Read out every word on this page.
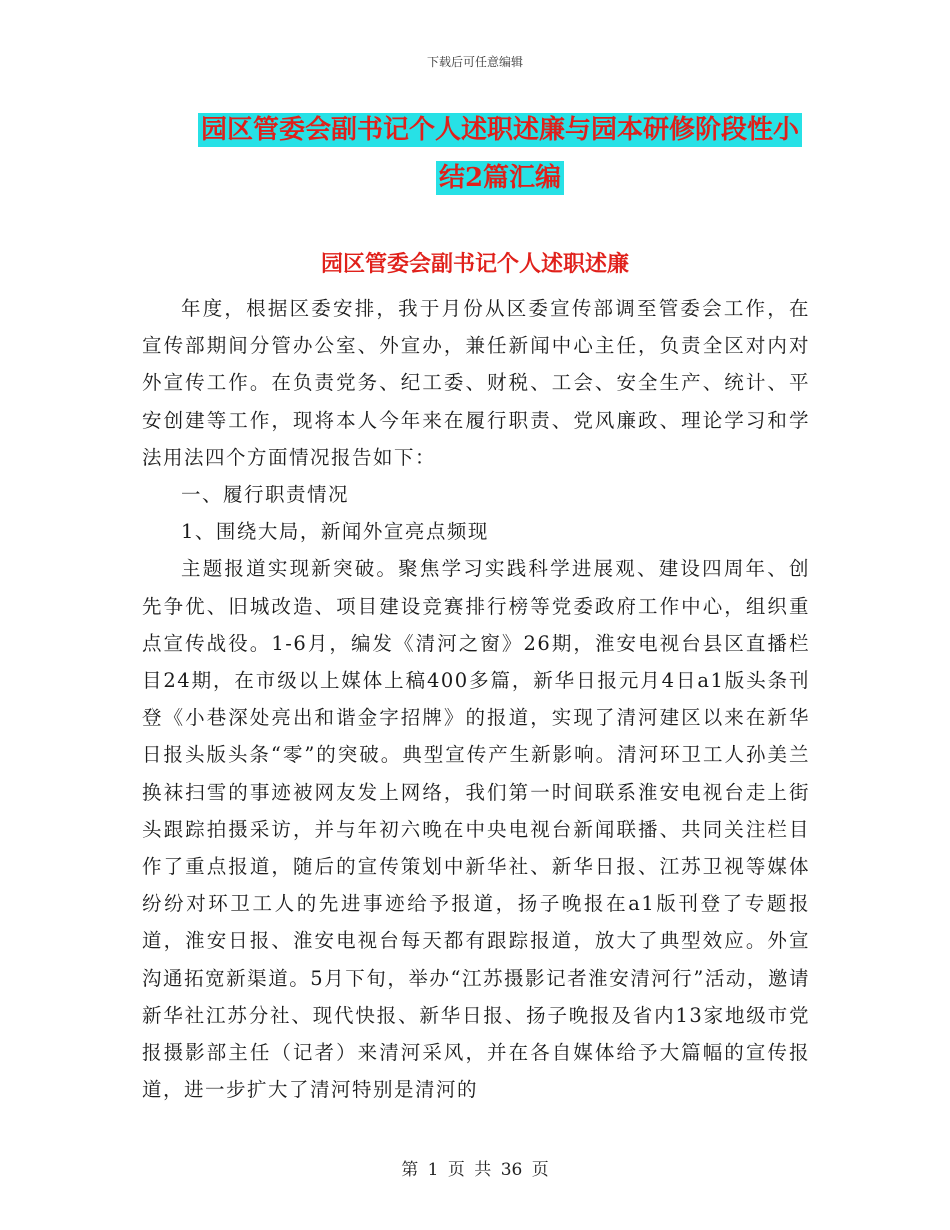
下载后可任意编辑
园区管委会副书记个人述职述廉与园本研修阶段性小
结2篇汇编
园区管委会副书记个人述职述廉

年度，根据区委安排，我于月份从区委宣传部调至管委会工作，在宣传部期间分管办公室、外宣办，兼任新闻中心主任，负责全区对内对外宣传工作。在负责党务、纪工委、财税、工会、安全生产、统计、平安创建等工作，现将本人今年来在履行职责、党风廉政、理论学习和学法用法四个方面情况报告如下：

一、履行职责情况

1、围绕大局，新闻外宣亮点频现

主题报道实现新突破。聚焦学习实践科学进展观、建设四周年、创先争优、旧城改造、项目建设竞赛排行榜等党委政府工作中心，组织重点宣传战役。1-6月，编发《清河之窗》26期，淮安电视台县区直播栏目24期，在市级以上媒体上稿400多篇，新华日报元月4日a1版头条刊登《小巷深处亮出和谐金字招牌》的报道，实现了清河建区以来在新华日报头版头条“零”的突破。典型宣传产生新影响。清河环卫工人孙美兰换袜扫雪的事迹被网友发上网络，我们第一时间联系淮安电视台走上街头跟踪拍摄采访，并与年初六晚在中央电视台新闻联播、共同关注栏目作了重点报道，随后的宣传策划中新华社、新华日报、江苏卫视等媒体纷纷对环卫工人的先进事迹给予报道，扬子晚报在a1版刊登了专题报道，淮安日报、淮安电视台每天都有跟踪报道，放大了典型效应。外宣沟通拓宽新渠道。5月下旬，举办“江苏摄影记者淮安清河行”活动，邀请新华社江苏分社、现代快报、新华日报、扬子晚报及省内13家地级市党报摄影部主任（记者）来清河采风，并在各自媒体给予大篇幅的宣传报道，进一步扩大了清河特别是清河的

第 1 页 共 36 页
